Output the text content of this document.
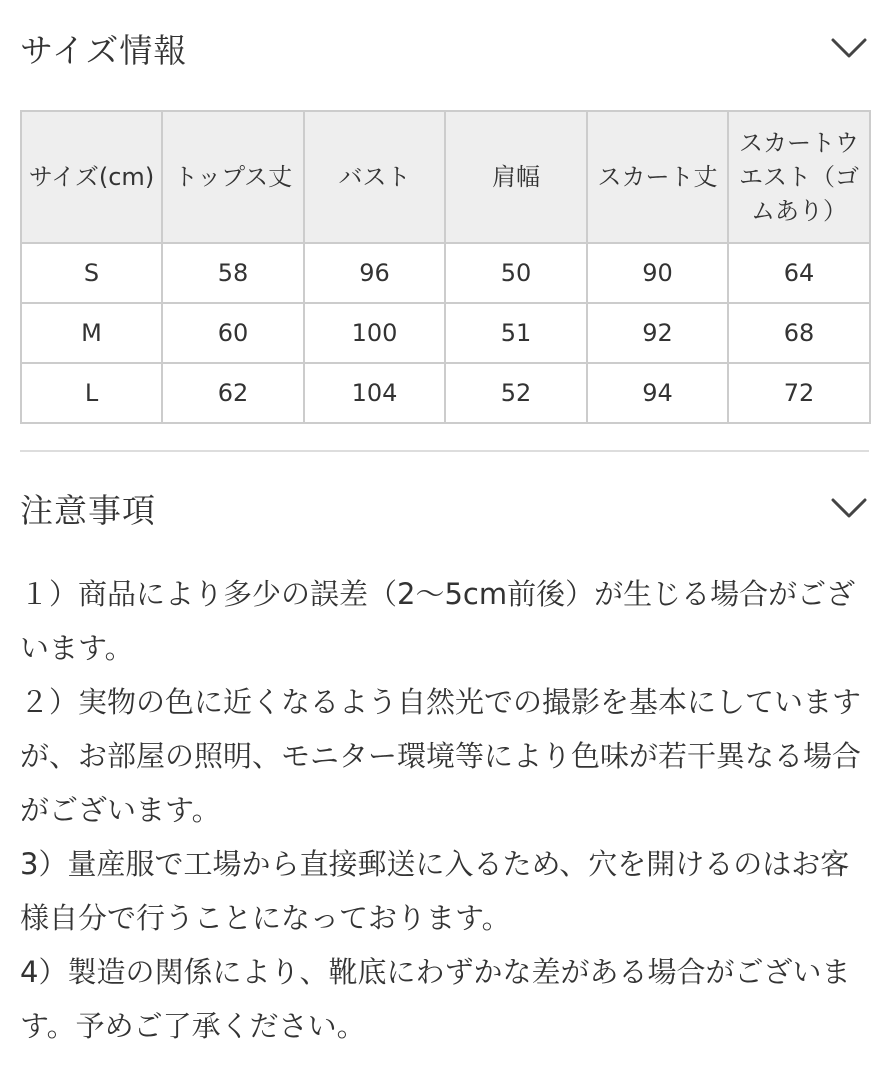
サイズ情報
サイズ(cm)	トップス丈	バスト	肩幅	スカート丈	スカートウエスト（ゴムあり）
S	58	96	50	90	64
M	60	100	51	92	68
L	62	104	52	94	72
注意事項

１）商品により多少の誤差（2〜5cm前後）が生じる場合がございます。

２）実物の色に近くなるよう自然光での撮影を基本にしていますが、お部屋の照明、モニター環境等により色味が若干異なる場合がございます。

3）量産服で工場から直接郵送に入るため、穴を開けるのはお客様自分で行うことになっております。

4）製造の関係により、靴底にわずかな差がある場合がございます。予めご了承ください。
